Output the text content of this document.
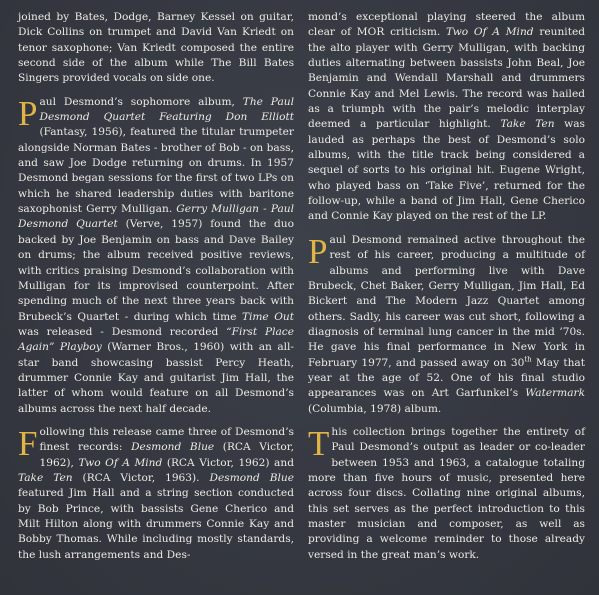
joined by Bates, Dodge, Barney Kessel on guitar, Dick Collins on trumpet and David Van Kriedt on tenor saxophone; Van Kriedt composed the entire second side of the album while The Bill Bates Singers provided vocals on side one.

Paul Desmond’s sophomore album, The Paul Desmond Quartet Featuring Don Elliott (Fantasy, 1956), featured the titular trumpeter alongside Norman Bates - brother of Bob - on bass, and saw Joe Dodge returning on drums. In 1957 Desmond began sessions for the first of two LPs on which he shared leadership duties with baritone saxophonist Gerry Mulligan. Gerry Mulligan - Paul Desmond Quartet (Verve, 1957) found the duo backed by Joe Benjamin on bass and Dave Bailey on drums; the album received positive reviews, with critics praising Desmond’s collaboration with Mulligan for its improvised counterpoint. After spending much of the next three years back with Brubeck’s Quartet - during which time Time Out was released - Desmond recorded “First Place Again” Playboy (Warner Bros., 1960) with an all-star band showcasing bassist Percy Heath, drummer Connie Kay and guitarist Jim Hall, the latter of whom would feature on all Desmond’s albums across the next half decade.

Following this release came three of Desmond’s finest records: Desmond Blue (RCA Victor, 1962), Two Of A Mind (RCA Victor, 1962) and Take Ten (RCA Victor, 1963). Desmond Blue featured Jim Hall and a string section conducted by Bob Prince, with bassists Gene Cherico and Milt Hilton along with drummers Connie Kay and Bobby Thomas. While including mostly standards, the lush arrangements and Des-

mond’s exceptional playing steered the album clear of MOR criticism. Two Of A Mind reunited the alto player with Gerry Mulligan, with backing duties alternating between bassists John Beal, Joe Benjamin and Wendall Marshall and drummers Connie Kay and Mel Lewis. The record was hailed as a triumph with the pair’s melodic interplay deemed a particular highlight. Take Ten was lauded as perhaps the best of Desmond’s solo albums, with the title track being considered a sequel of sorts to his original hit. Eugene Wright, who played bass on ‘Take Five’, returned for the follow-up, while a band of Jim Hall, Gene Cherico and Connie Kay played on the rest of the LP.

Paul Desmond remained active throughout the rest of his career, producing a multitude of albums and performing live with Dave Brubeck, Chet Baker, Gerry Mulligan, Jim Hall, Ed Bickert and The Modern Jazz Quartet among others. Sadly, his career was cut short, following a diagnosis of terminal lung cancer in the mid ’70s. He gave his final performance in New York in February 1977, and passed away on 30th May that year at the age of 52. One of his final studio appearances was on Art Garfunkel’s Watermark (Columbia, 1978) album.

This collection brings together the entirety of Paul Desmond’s output as leader or co-leader between 1953 and 1963, a catalogue totaling more than five hours of music, presented here across four discs. Collating nine original albums, this set serves as the perfect introduction to this master musician and composer, as well as providing a welcome reminder to those already versed in the great man’s work.
